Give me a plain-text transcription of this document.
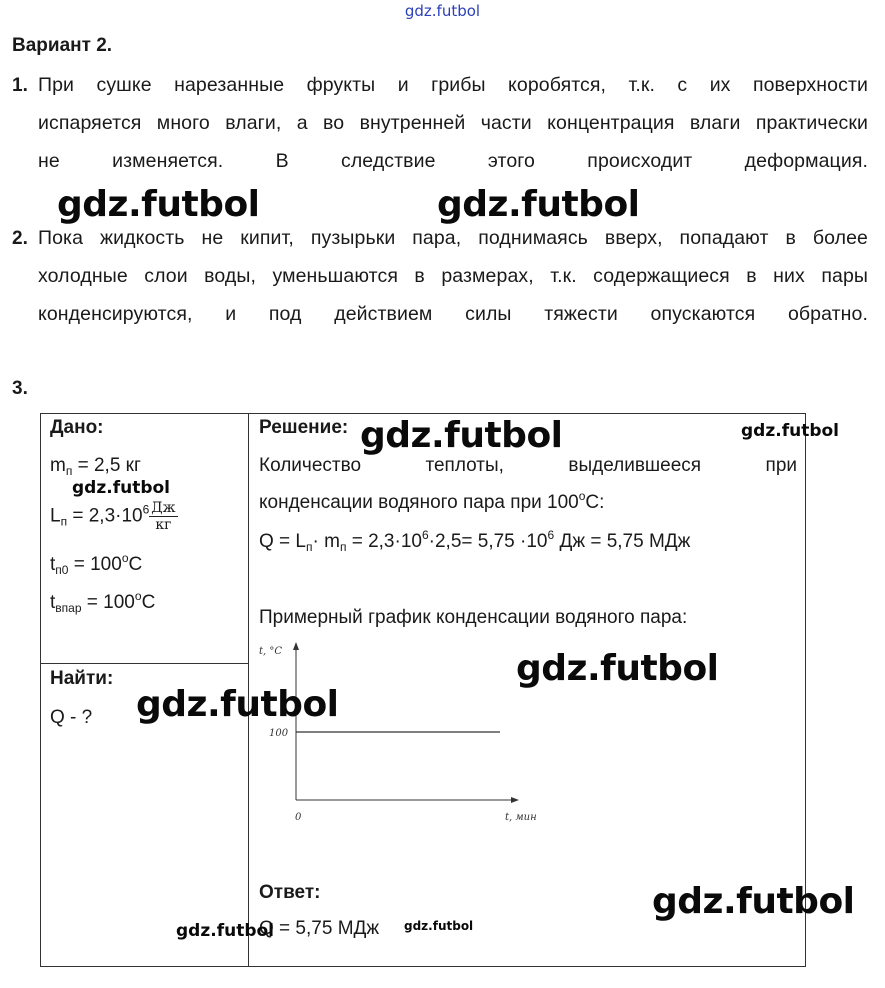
gdz.futbol
Вариант 2.
1. При сушке нарезанные фрукты и грибы коробятся, т.к. с их поверхности
испаряется много влаги, а во внутренней части концентрация влаги практически
не изменяется. В следствие этого происходит деформация.
2. Пока жидкость не кипит, пузырьки пара, поднимаясь вверх, попадают в более
холодные слои воды, уменьшаются в размерах, т.к. содержащиеся в них пары
конденсируются, и под действием силы тяжести опускаются обратно.
3.
Дано:
$m_п = 2,5$ кг
$L_п = 2,3\cdot 10^6 \frac{Дж}{кг}$
$t_{п0} = 100^oC$
$t_{впар} = 100^oC$
Найти:
Q - ?
Решение:
Количество теплоты, выделившееся при
конденсации водяного пара при 100$^o$C:
$Q = L_п\cdot m_п = 2,3\cdot 10^6\cdot 2,5= 5,75 \cdot 10^6$ Дж = 5,75 МДж
Примерный график конденсации водяного пара:
t, °C
100
0	t, мин
Ответ:
Q = 5,75 МДж
gdz.futbol	gdz.futbol
gdz.futbol	gdz.futbol
gdz.futbol
gdz.futbol
gdz.futbol
gdz.futbol
gdz.futbol	gdz.futbol
